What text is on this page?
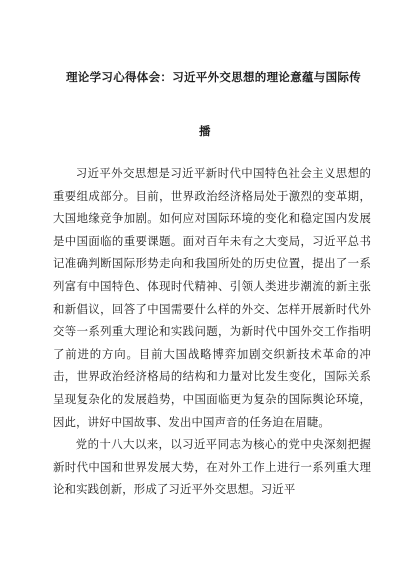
理论学习心得体会：习近平外交思想的理论意蕴与国际传
播

习近平外交思想是习近平新时代中国特色社会主义思想的重要组成部分。目前，世界政治经济格局处于激烈的变革期，大国地缘竞争加剧。如何应对国际环境的变化和稳定国内发展是中国面临的重要课题。面对百年未有之大变局，习近平总书记准确判断国际形势走向和我国所处的历史位置，提出了一系列富有中国特色、体现时代精神、引领人类进步潮流的新主张和新倡议，回答了中国需要什么样的外交、怎样开展新时代外交等一系列重大理论和实践问题，为新时代中国外交工作指明了前进的方向。目前大国战略博弈加剧交织新技术革命的冲击，世界政治经济格局的结构和力量对比发生变化，国际关系呈现复杂化的发展趋势，中国面临更为复杂的国际舆论环境，因此，讲好中国故事、发出中国声音的任务迫在眉睫。

党的十八大以来，以习近平同志为核心的党中央深刻把握新时代中国和世界发展大势，在对外工作上进行一系列重大理论和实践创新，形成了习近平外交思想。习近平
